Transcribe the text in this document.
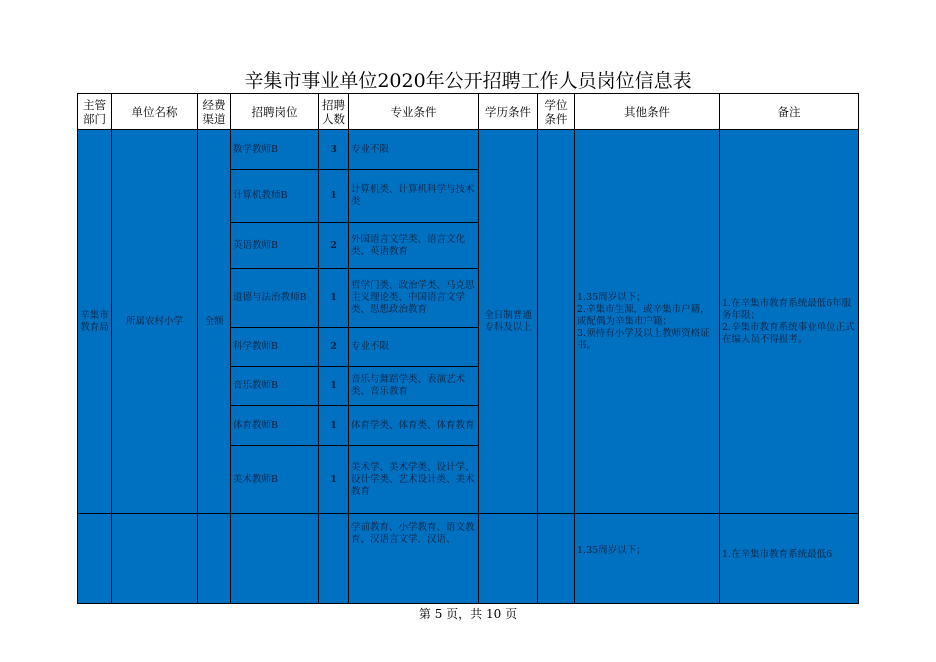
辛集市事业单位2020年公开招聘工作人员岗位信息表
主管部门	单位名称	经费渠道	招聘岗位	招聘人数	专业条件	学历条件	学位条件	其他条件	备注
辛集市教育局	所属农村小学	全额	数学教师B	3	专业不限	全日制普通专科及以上		1.35周岁以下；
2.辛集市生源，或辛集市户籍，或配偶为辛集市户籍；
3.须持有小学及以上教师资格证书。	1.在辛集市教育系统最低6年服务年限；
2.辛集市教育系统事业单位正式在编人员不得报考。
			计算机教师B	1	计算机类、计算机科学与技术类				
			英语教师B	2	外国语言文学类、语言文化类、英语教育				
			道德与法治教师B	1	哲学门类、政治学类、马克思主义理论类、中国语言文学类、思想政治教育				
			科学教师B	2	专业不限				
			音乐教师B	1	音乐与舞蹈学类、表演艺术类、音乐教育				
			体育教师B	1	体育学类、体育类、体育教育				
			美术教师B	1	美术学、美术学类、设计学、设计学类、艺术设计类、美术教育				
					学前教育、小学教育、语文教育、汉语言文学、汉语、			1.35周岁以下；	1.在辛集市教育系统最低6
第 5 页，共 10 页
